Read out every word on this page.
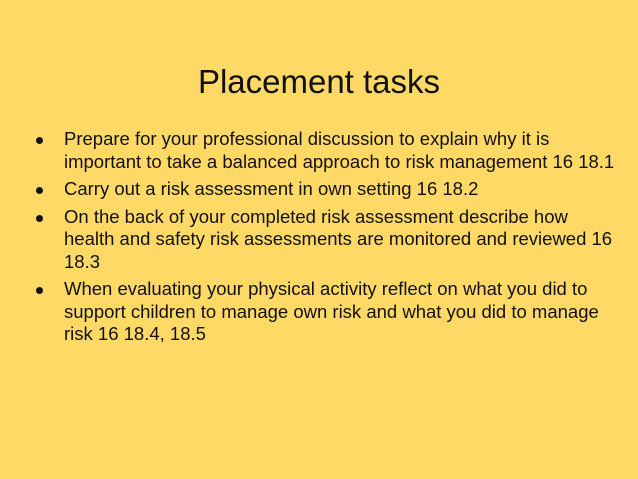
Placement tasks
Prepare for your professional discussion to explain why it is important to take a balanced approach to risk management 16 18.1
Carry out a risk assessment in own setting 16 18.2
On the back of your completed risk assessment describe how health and safety risk assessments are monitored and reviewed 16 18.3
When evaluating your physical activity reflect on what you did to support children to manage own risk and what you did to manage risk 16 18.4, 18.5
